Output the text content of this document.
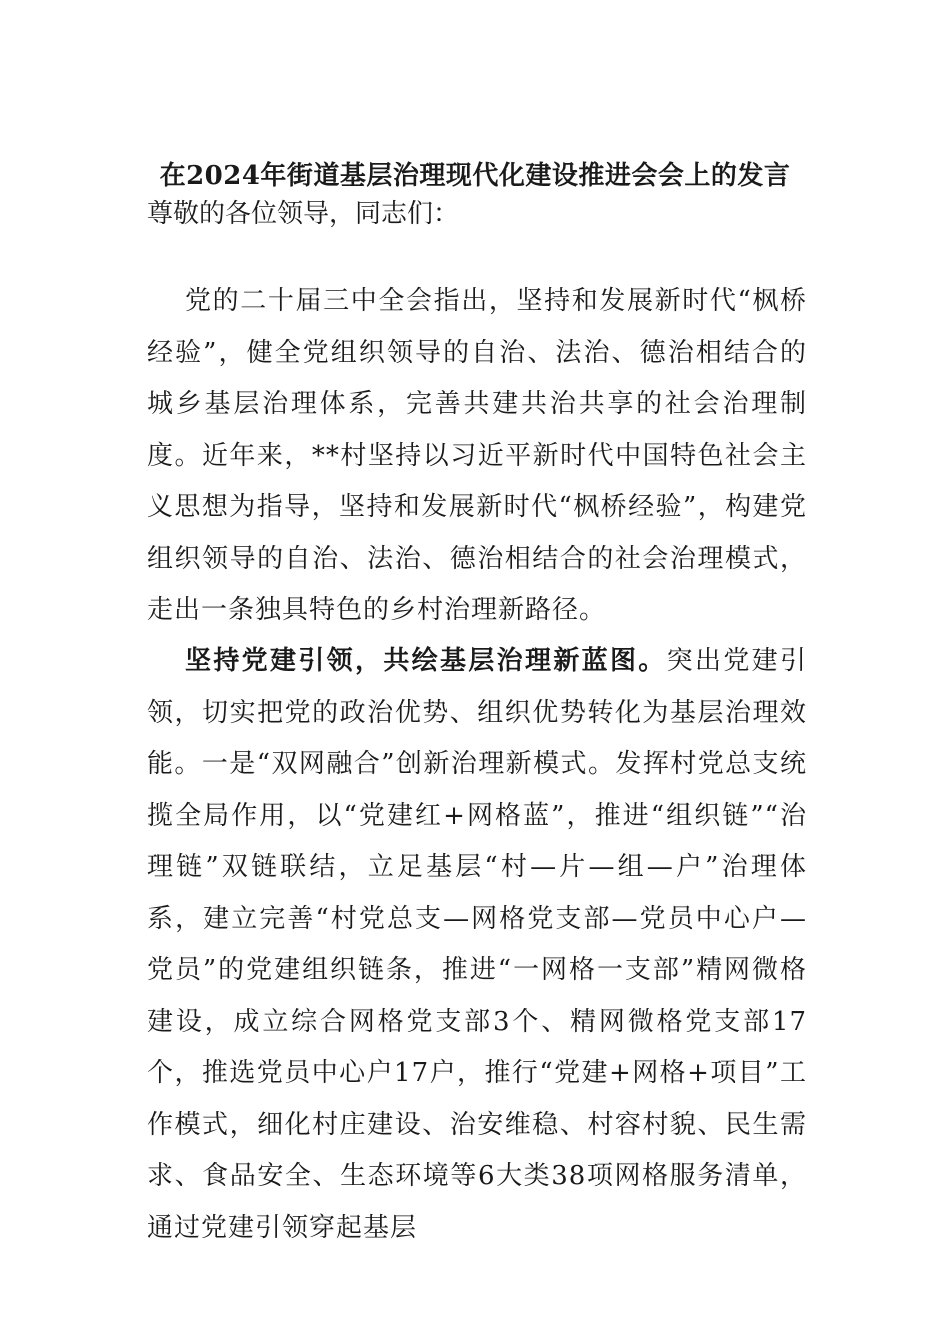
在2024年街道基层治理现代化建设推进会会上的发言
尊敬的各位领导，同志们：

党的二十届三中全会指出，坚持和发展新时代“枫桥经验”，健全党组织领导的自治、法治、德治相结合的城乡基层治理体系，完善共建共治共享的社会治理制度。近年来，**村坚持以习近平新时代中国特色社会主义思想为指导，坚持和发展新时代“枫桥经验”，构建党组织领导的自治、法治、德治相结合的社会治理模式，走出一条独具特色的乡村治理新路径。

坚持党建引领，共绘基层治理新蓝图。突出党建引领，切实把党的政治优势、组织优势转化为基层治理效能。一是“双网融合”创新治理新模式。发挥村党总支统揽全局作用，以“党建红+网格蓝”，推进“组织链”“治理链”双链联结，立足基层“村—片—组—户”治理体系，建立完善“村党总支—网格党支部—党员中心户—党员”的党建组织链条，推进“一网格一支部”精网微格建设，成立综合网格党支部3个、精网微格党支部17个，推选党员中心户17户，推行“党建+网格+项目”工作模式，细化村庄建设、治安维稳、村容村貌、民生需求、食品安全、生态环境等6大类38项网格服务清单，通过党建引领穿起基层
